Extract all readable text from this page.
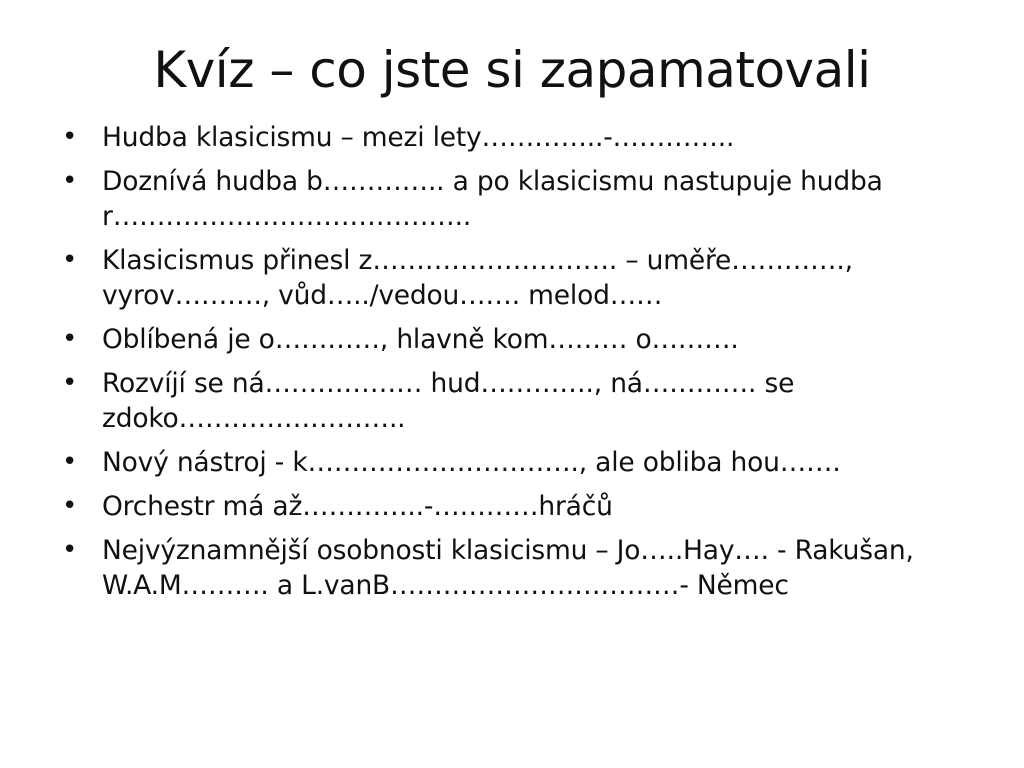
Kvíz – co jste si zapamatovali
• Hudba klasicismu – mezi lety…………..-…………..
• Doznívá hudba b………….. a po klasicismu nastupuje hudba r…………………………………..
• Klasicismus přinesl z………………………. – uměře…………., vyrov………., vůd…../vedou……. melod……
• Oblíbená je o…………, hlavně kom……… o……….
• Rozvíjí se ná……………… hud…………., ná…………. se zdoko……………………..
• Nový nástroj - k…………………………., ale obliba hou…….
• Orchestr má až…………..-…………hráčů
• Nejvýznamnější osobnosti klasicismu – Jo…..Hay…. - Rakušan, W.A.M………. a L.vanB……………………………- Němec
